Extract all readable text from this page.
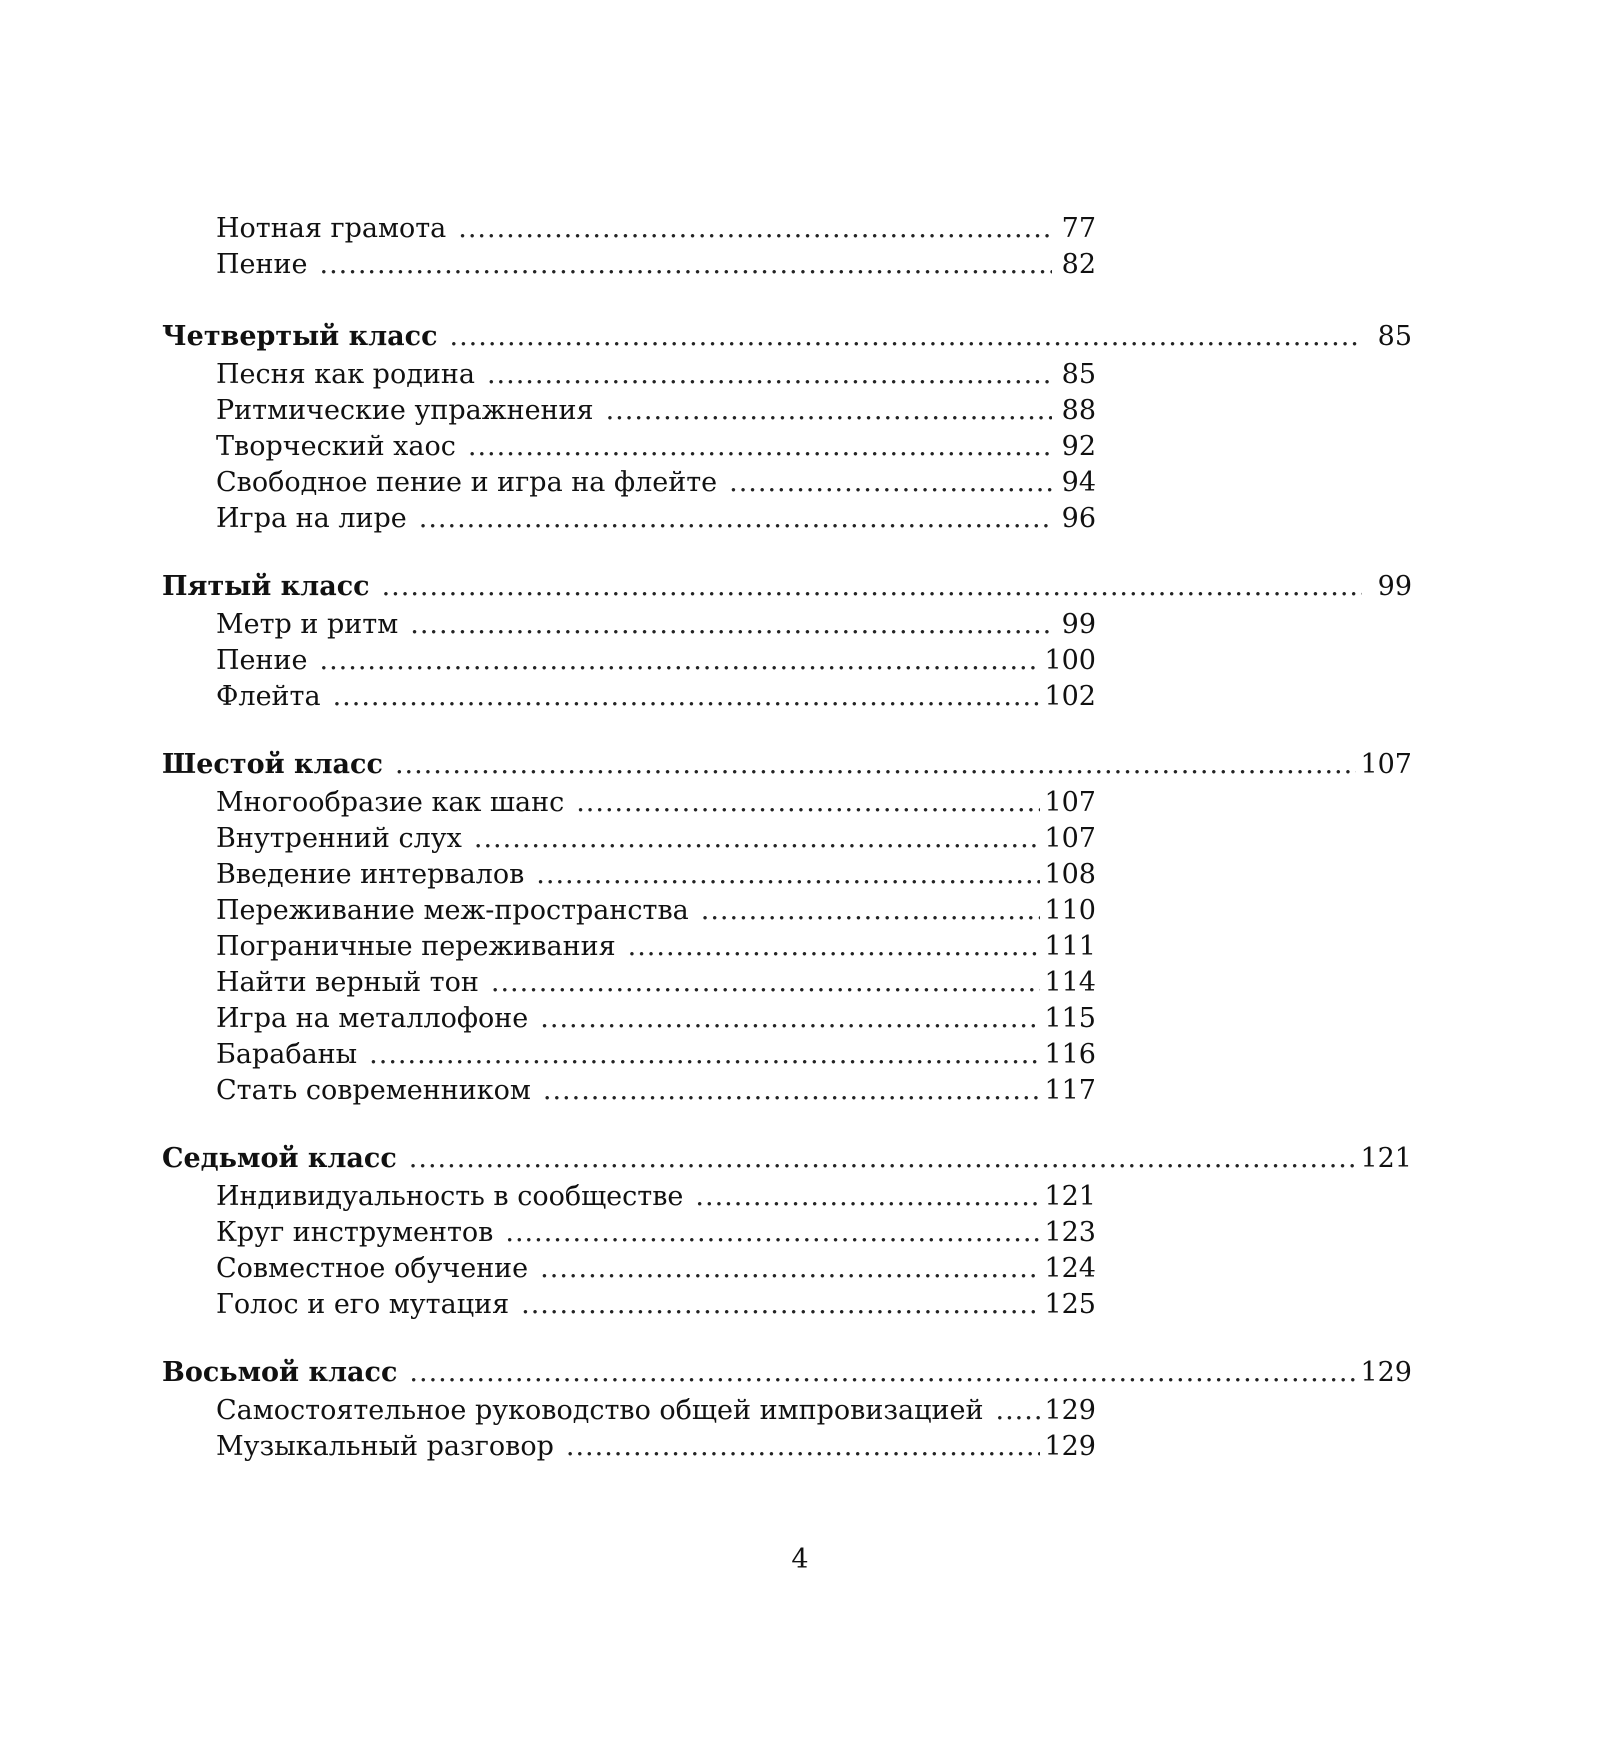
Нотная грамота .....	77
Пение .....	82
Четвертый класс .....	85
Песня как родина .....	85
Ритмические упражнения .....	88
Творческий хаос .....	92
Свободное пение и игра на флейте .....	94
Игра на лире .....	96
Пятый класс .....	99
Метр и ритм .....	99
Пение .....	100
Флейта .....	102
Шестой класс .....	107
Многообразие как шанс .....	107
Внутренний слух .....	107
Введение интервалов .....	108
Переживание меж-пространства .....	110
Пограничные переживания .....	111
Найти верный тон .....	114
Игра на металлофоне .....	115
Барабаны .....	116
Стать современником .....	117
Седьмой класс .....	121
Индивидуальность в сообществе .....	121
Круг инструментов .....	123
Совместное обучение .....	124
Голос и его мутация .....	125
Восьмой класс .....	129
Самостоятельное руководство общей импровизацией ..... 129
Музыкальный разговор .....	129
4
